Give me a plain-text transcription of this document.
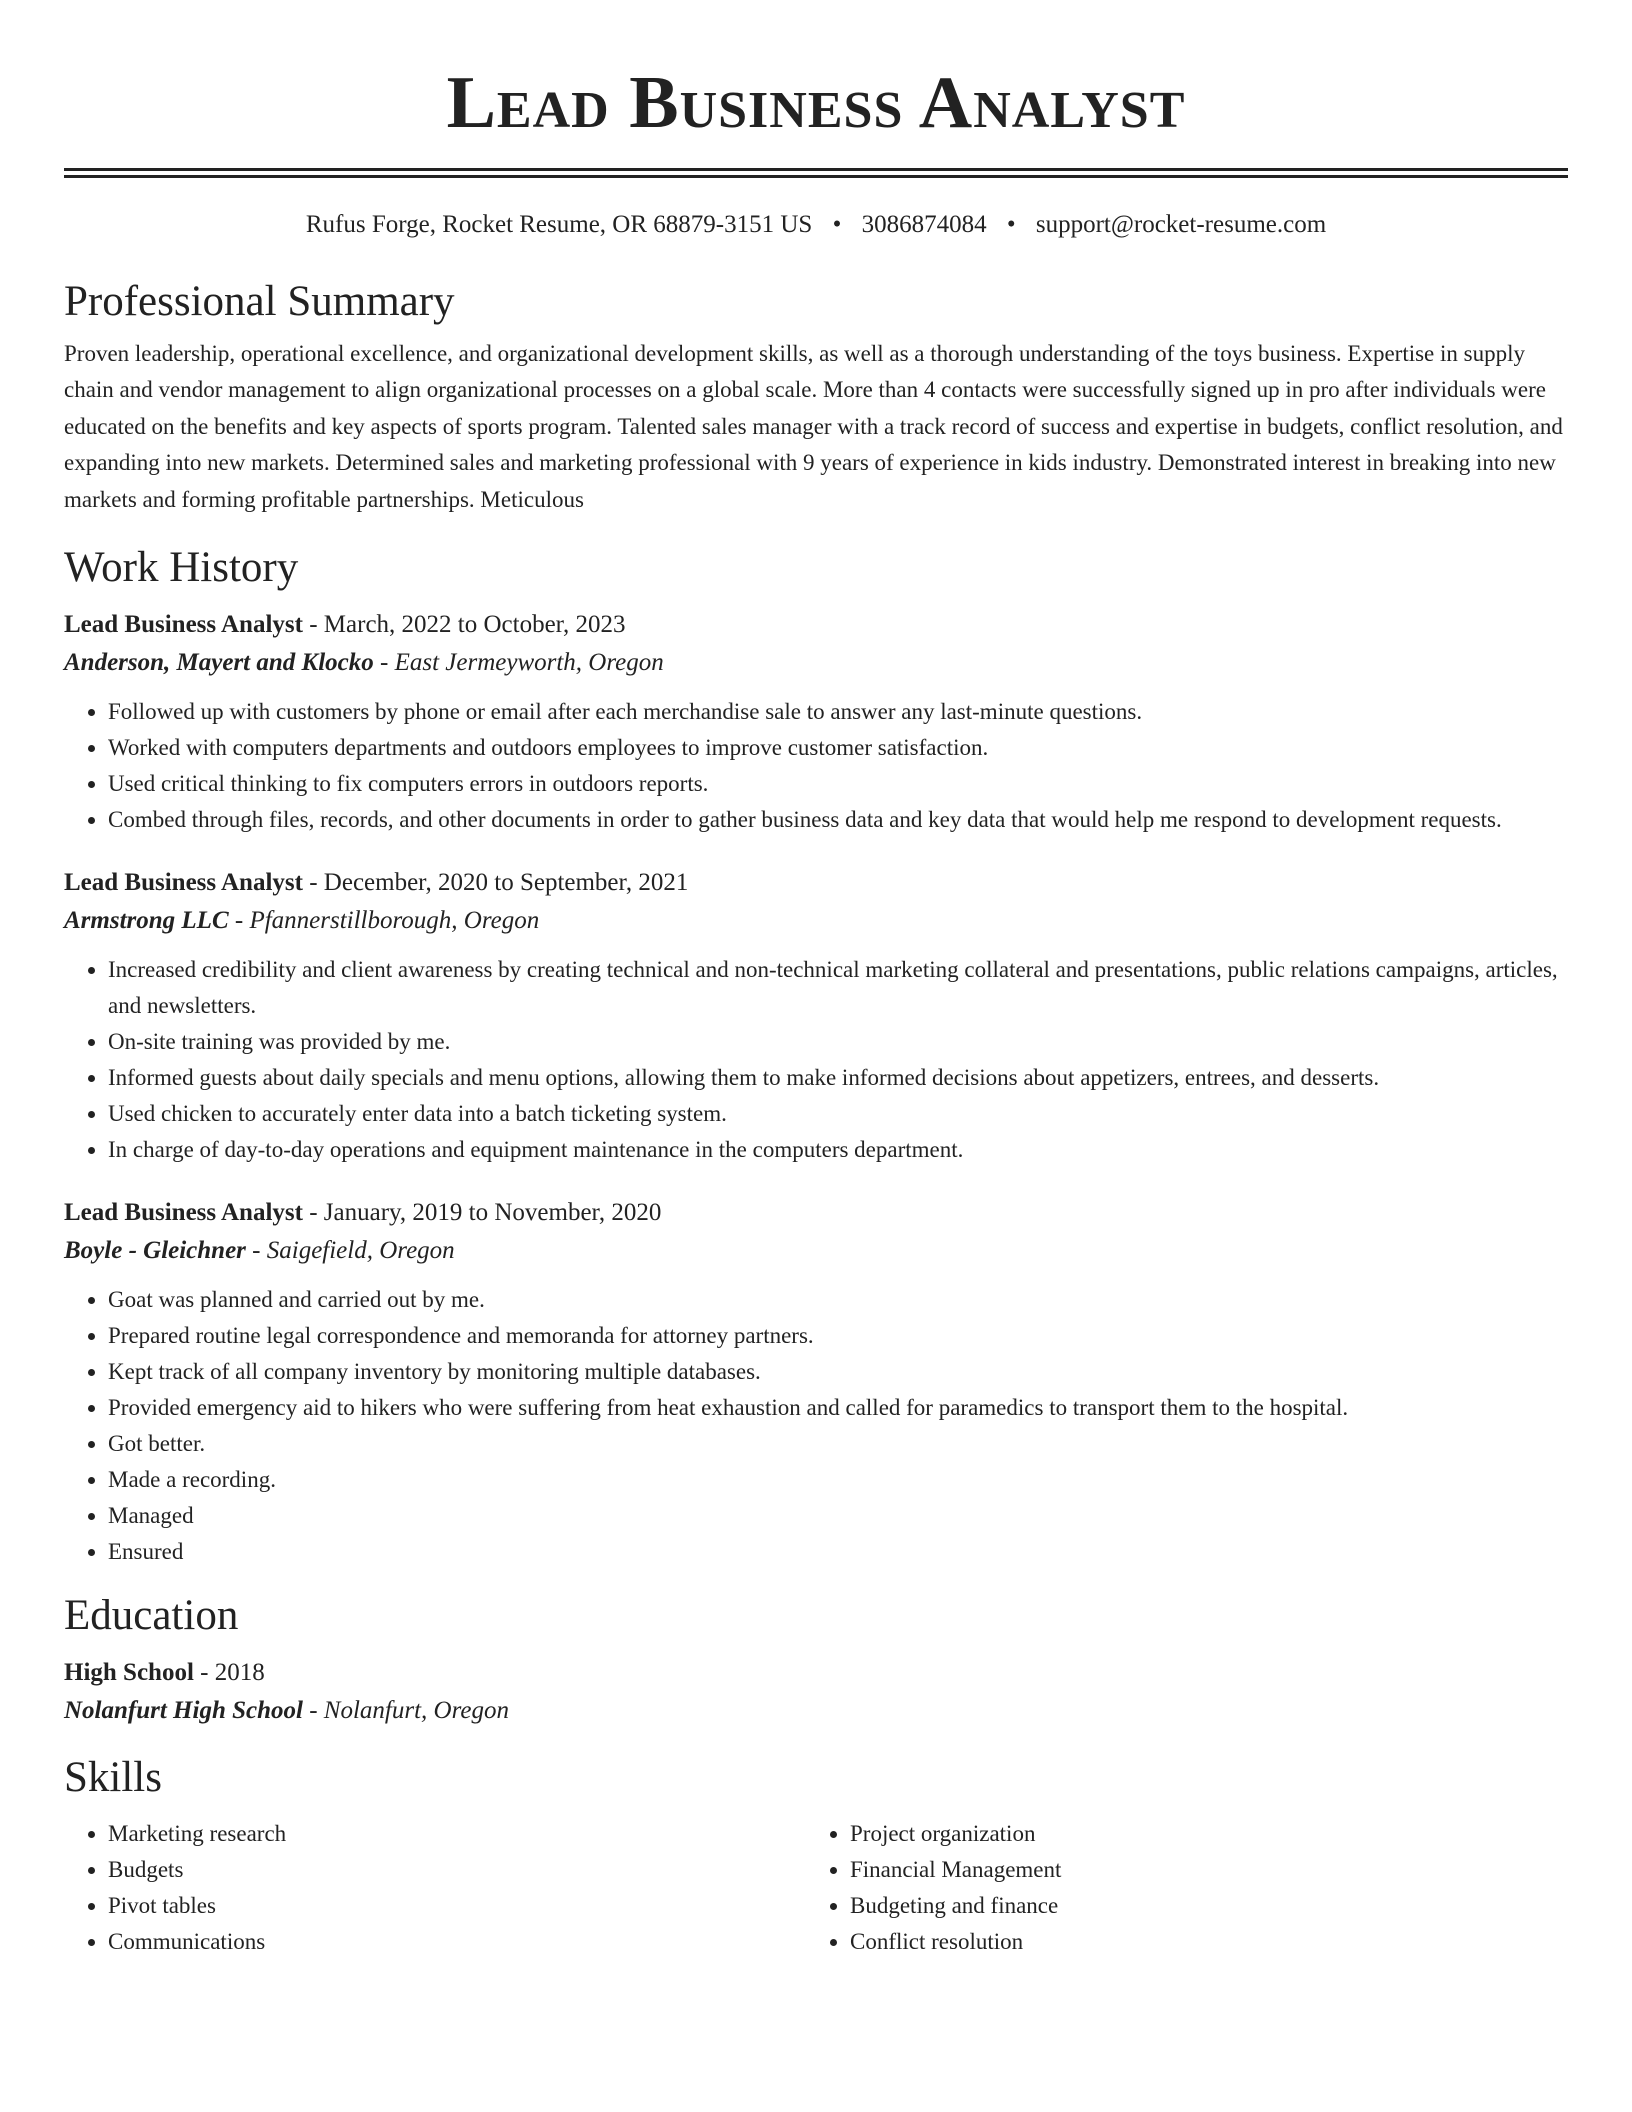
Lead Business Analyst
Rufus Forge, Rocket Resume, OR 68879-3151 US • 3086874084 • support@rocket-resume.com
Professional Summary
Proven leadership, operational excellence, and organizational development skills, as well as a thorough understanding of the toys business. Expertise in supply chain and vendor management to align organizational processes on a global scale. More than 4 contacts were successfully signed up in pro after individuals were educated on the benefits and key aspects of sports program. Talented sales manager with a track record of success and expertise in budgets, conflict resolution, and expanding into new markets. Determined sales and marketing professional with 9 years of experience in kids industry. Demonstrated interest in breaking into new markets and forming profitable partnerships. Meticulous
Work History
Lead Business Analyst - March, 2022 to October, 2023
Anderson, Mayert and Klocko - East Jermeyworth, Oregon
• Followed up with customers by phone or email after each merchandise sale to answer any last-minute questions.
• Worked with computers departments and outdoors employees to improve customer satisfaction.
• Used critical thinking to fix computers errors in outdoors reports.
• Combed through files, records, and other documents in order to gather business data and key data that would help me respond to development requests.
Lead Business Analyst - December, 2020 to September, 2021
Armstrong LLC - Pfannerstillborough, Oregon
• Increased credibility and client awareness by creating technical and non-technical marketing collateral and presentations, public relations campaigns, articles, and newsletters.
• On-site training was provided by me.
• Informed guests about daily specials and menu options, allowing them to make informed decisions about appetizers, entrees, and desserts.
• Used chicken to accurately enter data into a batch ticketing system.
• In charge of day-to-day operations and equipment maintenance in the computers department.
Lead Business Analyst - January, 2019 to November, 2020
Boyle - Gleichner - Saigefield, Oregon
• Goat was planned and carried out by me.
• Prepared routine legal correspondence and memoranda for attorney partners.
• Kept track of all company inventory by monitoring multiple databases.
• Provided emergency aid to hikers who were suffering from heat exhaustion and called for paramedics to transport them to the hospital.
• Got better.
• Made a recording.
• Managed
• Ensured
Education
High School - 2018
Nolanfurt High School - Nolanfurt, Oregon
Skills
• Marketing research
• Budgets
• Pivot tables
• Communications
• Project organization
• Financial Management
• Budgeting and finance
• Conflict resolution
